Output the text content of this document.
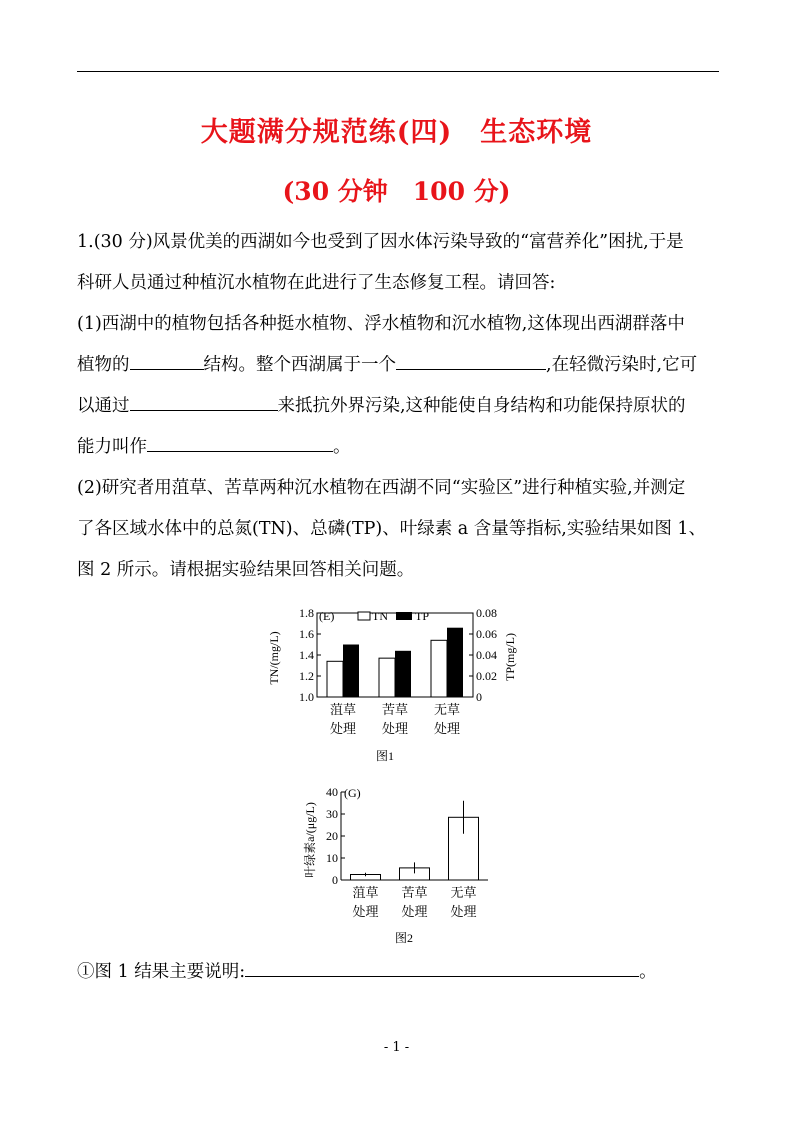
大题满分规范练(四)　生态环境
(30 分钟　100 分)
1.(30 分)风景优美的西湖如今也受到了因水体污染导致的“富营养化”困扰,于是
科研人员通过种植沉水植物在此进行了生态修复工程。请回答:
(1)西湖中的植物包括各种挺水植物、浮水植物和沉水植物,这体现出西湖群落中
植物的	结构。整个西湖属于一个	,在轻微污染时,它可
以通过	来抵抗外界污染,这种能使自身结构和功能保持原状的
能力叫作	。
(2)研究者用菹草、苦草两种沉水植物在西湖不同“实验区”进行种植实验,并测定
了各区域水体中的总氮(TN)、总磷(TP)、叶绿素 a 含量等指标,实验结果如图 1、
图 2 所示。请根据实验结果回答相关问题。
(E)
TN/(mg/L)	TP(mg/L)
1.0
1.2
1.4
1.6
1.8
0
0.02
0.04
0.06
0.08
菹草
处理
苦草
处理
无草
处理
TN TP
图1
(G)
叶绿素a/(μg/L)
0
10
20
30
40
菹草
处理
苦草
处理
无草
处理
图2
①图 1 结果主要说明:	。
- 1 -
